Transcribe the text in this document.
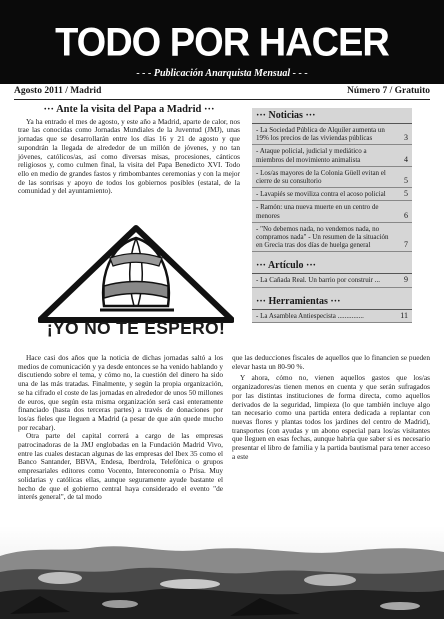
TODO POR HACER
- - - Publicación Anarquista Mensual - - -
Agosto 2011 / Madrid	Número 7 / Gratuito
··· Ante la visita del Papa a Madrid ···

Ya ha entrado el mes de agosto, y este año a Madrid, aparte de calor, nos trae las conocidas como Jornadas Mundiales de la Juventud (JMJ), unas jornadas que se desarrollarán entre los días 16 y 21 de agosto y que supondrán la llegada de alrededor de un millón de jóvenes, y no tan jóvenes, católicos/as, así como diversas misas, procesiones, cánticos religiosos y, como culmen final, la visita del Papa Benedicto XVI. Todo ello en medio de grandes fastos y rimbombantes ceremonias y con la mejor de las sonrisas y apoyo de todos los gobiernos posibles (estatal, de la comunidad y del ayuntamiento).

¡YO NO TE ESPERO!
··· Noticias ···
- La Sociedad Pública de Alquiler aumenta un 19% los precios de las viviendas públicas	3
- Ataque policial, judicial y mediático a miembros del movimiento animalista	4
- Los/as mayores de la Colonia Güell evitan el cierre de su consultorio	5
- Lavapiés se moviliza contra el acoso policial	5
- Ramón: una nueva muerte en un centro de menores	6
- "No debemos nada, no vendemos nada, no compramos nada" - Un resumen de la situación en Grecia tras dos días de huelga general	7
··· Artículo ···
- La Cañada Real. Un barrio por construir ...	9
··· Herramientas ···
- La Asamblea Antiespecista ...............	11

Hace casi dos años que la noticia de dichas jornadas saltó a los medios de comunicación y ya desde entonces se ha venido hablando y discutiendo sobre el tema, y cómo no, la cuestión del dinero ha sido una de las más tratadas. Finalmente, y según la propia organización, se ha cifrado el coste de las jornadas en alrededor de unos 50 millones de euros, que según esta misma organización será casi enteramente financiado (hasta dos terceras partes) a través de donaciones por los/as fieles que lleguen a Madrid (a pesar de que aún quede mucho por recabar).

Otra parte del capital correrá a cargo de las empresas patrocinadoras de la JMJ englobadas en la Fundación Madrid Vivo, entre las cuales destacan algunas de las empresas del Ibex 35 como el Banco Santander, BBVA, Endesa, Iberdrola, Telefónica o grupos empresariales editores como Vocento, Intereconomía o Prisa. Muy solidarias y católicas ellas, aunque seguramente ayude bastante el hecho de que el gobierno central haya considerado el evento "de interés general", de tal modo

que las deducciones fiscales de aquellos que lo financien se pueden elevar hasta un 80-90 %.

Y ahora, cómo no, vienen aquellos gastos que los/as organizadores/as tienen menos en cuenta y que serán sufragados por las distintas instituciones de forma directa, como aquellos derivados de la seguridad, limpieza (lo que también incluye algo tan necesario como una partida entera dedicada a replantar con nuevas flores y plantas todos los jardines del centro de Madrid), transportes (con ayudas y un abono especial para los/as visitantes que lleguen en esas fechas, aunque habría que saber si es necesario presentar el libro de familia y la partida bautismal para tener acceso a este
